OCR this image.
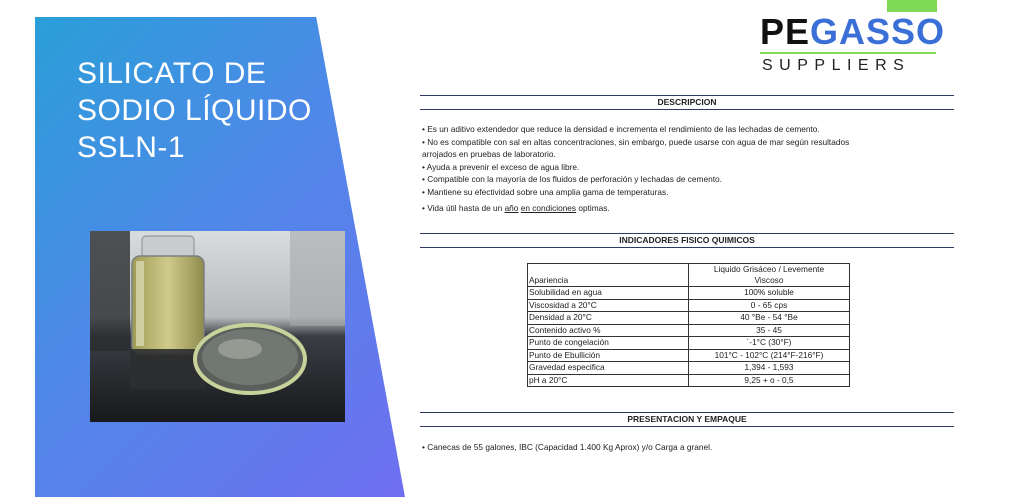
SILICATO DE
SODIO LÍQUIDO
SSLN-1
PEGASSO
SUPPLIERS
DESCRIPCION
• Es un aditivo extendedor que reduce la densidad e incrementa el rendimiento de las lechadas de cemento.
• No es compatible con sal en altas concentraciones, sin embargo, puede usarse con agua de mar según resultados
arrojados en pruebas de laboratorio.
• Ayuda a prevenir el exceso de agua libre.
• Compatible con la mayoría de los fluidos de perforación y lechadas de cemento.
• Mantiene su efectividad sobre una amplia gama de temperaturas.
• Vida útil hasta de un año en condiciones optimas.
INDICADORES FISICO QUIMICOS
Apariencia	Liquido Grisáceo / Levemente
Viscoso

Solubilidad en agua	100% soluble
Viscosidad a 20°C	0 - 65 cps
Densidad a 20°C	40 °Be - 54 °Be
Contenido activo %	35 - 45
Punto de congelación	´-1°C (30°F)
Punto de Ebullición	101°C - 102°C (214°F-216°F)
Gravedad especifica	1,394 - 1,593
pH a 20°C	9,25 + o - 0,5
PRESENTACION Y EMPAQUE
• Canecas de 55 galones, IBC (Capacidad 1.400 Kg Aprox) y/o Carga a granel.
